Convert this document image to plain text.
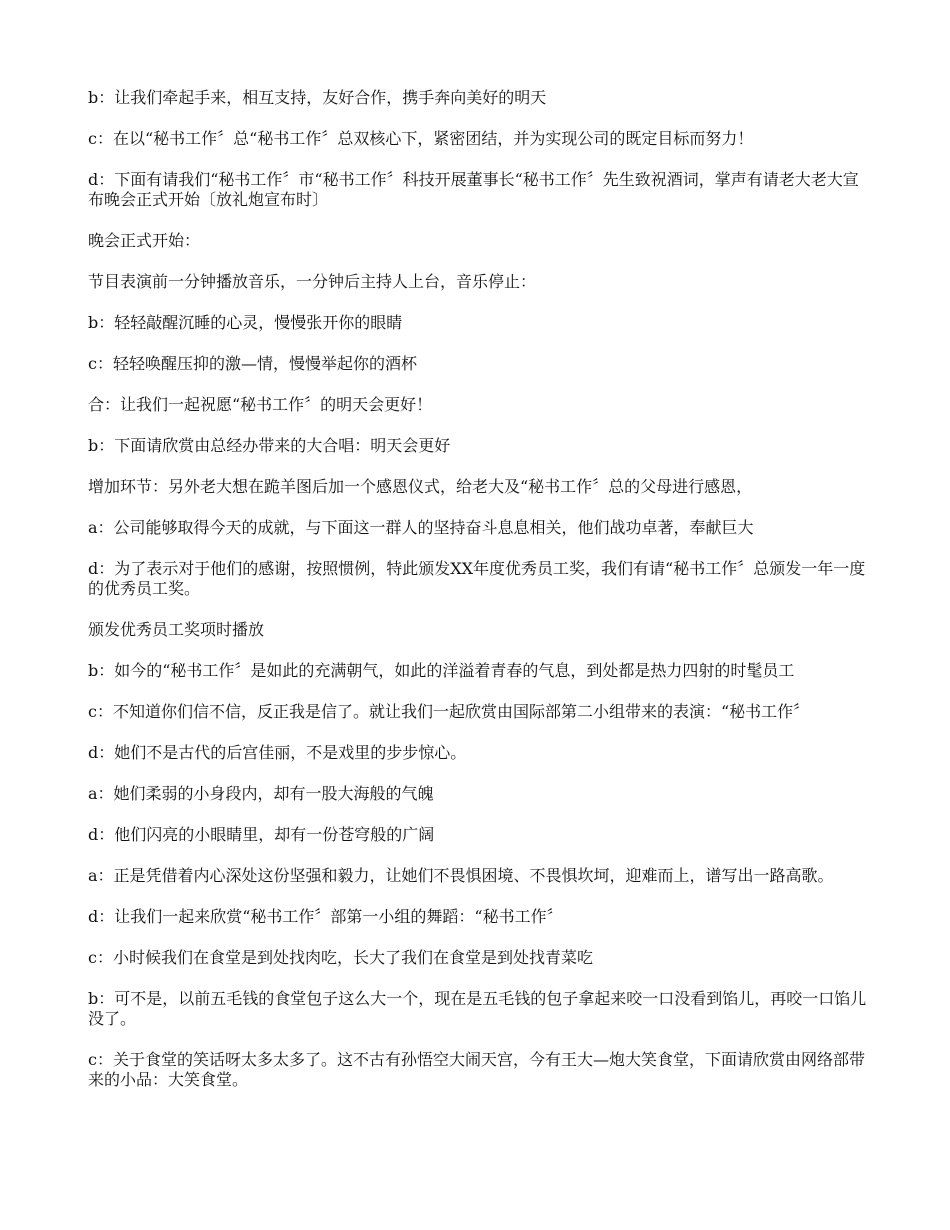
b：让我们牵起手来，相互支持，友好合作，携手奔向美好的明天

c：在以“秘书工作〞总“秘书工作〞总双核心下，紧密团结，并为实现公司的既定目标而努力！

d：下面有请我们“秘书工作〞市“秘书工作〞科技开展董事长“秘书工作〞先生致祝酒词，掌声有请老大老大宣布晚会正式开始〔放礼炮宣布时〕

晚会正式开始：

节目表演前一分钟播放音乐，一分钟后主持人上台，音乐停止：

b：轻轻敲醒沉睡的心灵，慢慢张开你的眼睛

c：轻轻唤醒压抑的激—情，慢慢举起你的酒杯

合：让我们一起祝愿“秘书工作〞的明天会更好！

b：下面请欣赏由总经办带来的大合唱：明天会更好

增加环节：另外老大想在跪羊图后加一个感恩仪式，给老大及“秘书工作〞总的父母进行感恩，

a：公司能够取得今天的成就，与下面这一群人的坚持奋斗息息相关，他们战功卓著，奉献巨大

d：为了表示对于他们的感谢，按照惯例，特此颁发XX年度优秀员工奖，我们有请“秘书工作〞总颁发一年一度的优秀员工奖。

颁发优秀员工奖项时播放

b：如今的“秘书工作〞是如此的充满朝气，如此的洋溢着青春的气息，到处都是热力四射的时髦员工

c：不知道你们信不信，反正我是信了。就让我们一起欣赏由国际部第二小组带来的表演：“秘书工作〞

d：她们不是古代的后宫佳丽，不是戏里的步步惊心。

a：她们柔弱的小身段内，却有一股大海般的气魄

d：他们闪亮的小眼睛里，却有一份苍穹般的广阔

a：正是凭借着内心深处这份坚强和毅力，让她们不畏惧困境、不畏惧坎坷，迎难而上，谱写出一路高歌。

d：让我们一起来欣赏“秘书工作〞部第一小组的舞蹈：“秘书工作〞

c：小时候我们在食堂是到处找肉吃，长大了我们在食堂是到处找青菜吃

b：可不是，以前五毛钱的食堂包子这么大一个，现在是五毛钱的包子拿起来咬一口没看到馅儿，再咬一口馅儿没了。

c：关于食堂的笑话呀太多太多了。这不古有孙悟空大闹天宫，今有王大—炮大笑食堂，下面请欣赏由网络部带来的小品：大笑食堂。
